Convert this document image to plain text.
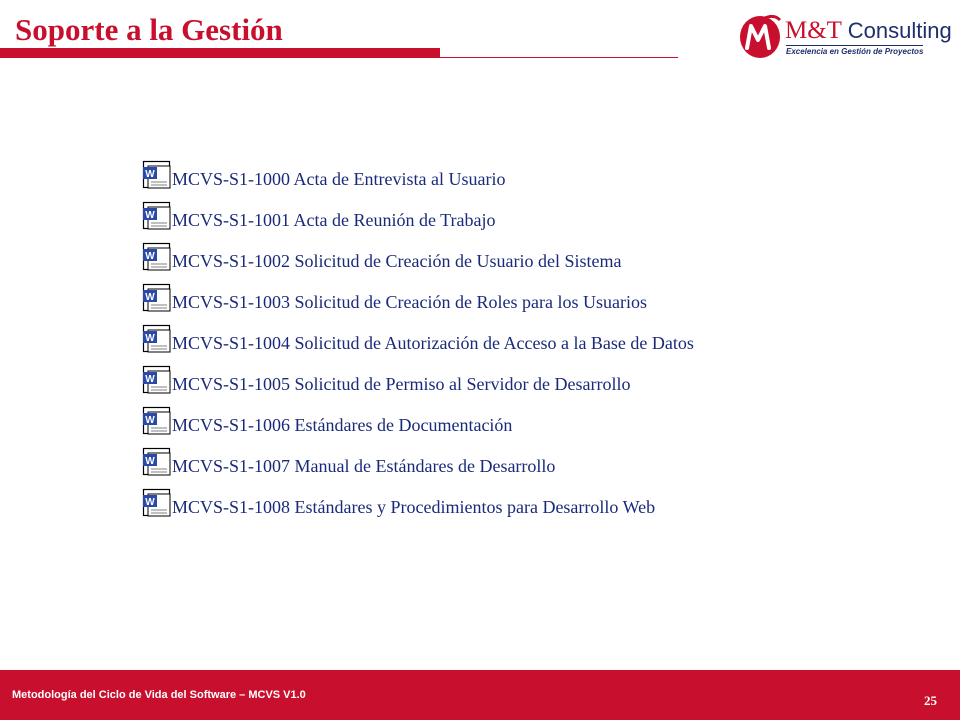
Soporte a la Gestión	M&T Consulting
Excelencia en Gestión de Proyectos
W MCVS-S1-1000 Acta de Entrevista al Usuario
W MCVS-S1-1001 Acta de Reunión de Trabajo
W MCVS-S1-1002 Solicitud de Creación de Usuario del Sistema
W MCVS-S1-1003 Solicitud de Creación de Roles para los Usuarios
W MCVS-S1-1004 Solicitud de Autorización de Acceso a la Base de Datos
W MCVS-S1-1005 Solicitud de Permiso al Servidor de Desarrollo
W MCVS-S1-1006 Estándares de Documentación
W MCVS-S1-1007 Manual de Estándares de Desarrollo
W MCVS-S1-1008 Estándares y Procedimientos para Desarrollo Web
Metodología del Ciclo de Vida del Software – MCVS V1.0	25
